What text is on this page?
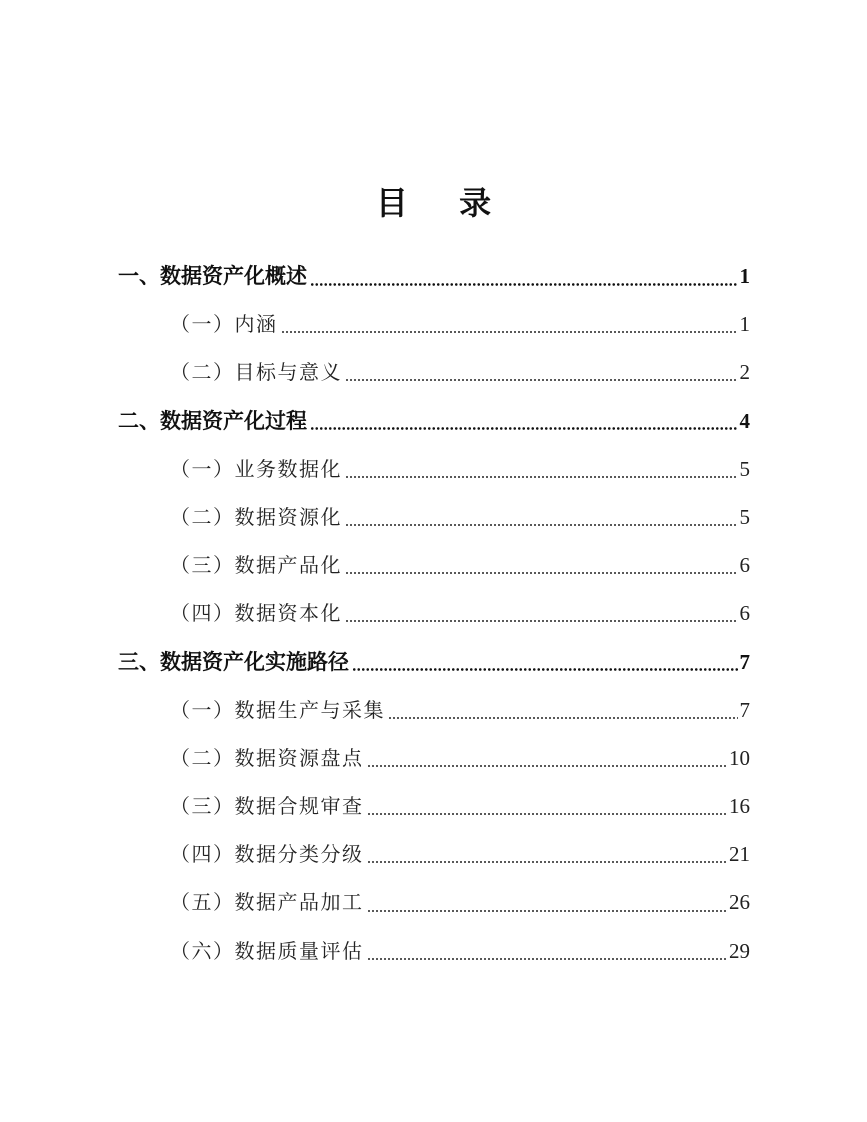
目 录
一、数据资产化概述	1
（一）内涵	1
（二）目标与意义	2
二、数据资产化过程	4
（一）业务数据化	5
（二）数据资源化	5
（三）数据产品化	6
（四）数据资本化	6
三、数据资产化实施路径	7
（一）数据生产与采集	7
（二）数据资源盘点	10
（三）数据合规审查	16
（四）数据分类分级	21
（五）数据产品加工	26
（六）数据质量评估	29
